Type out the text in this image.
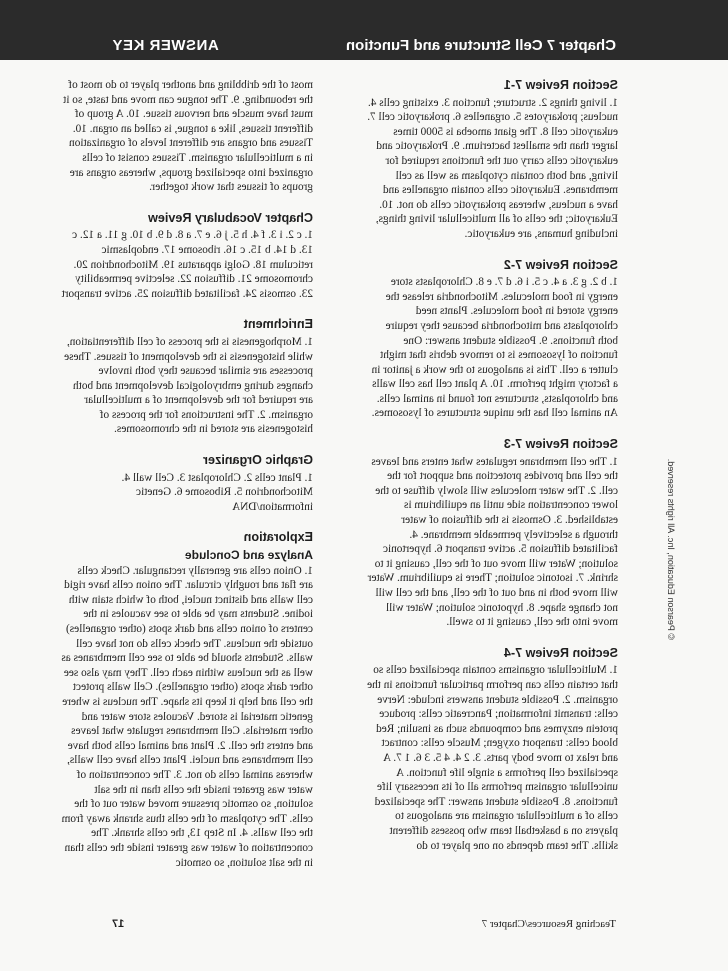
Chapter 7 Cell Structure and Function
ANSWER KEY
© Pearson Education, Inc. All rights reserved.
Section Review 7-1

1. living things 2. structure; function 3. existing cells 4. nucleus; prokaryotes 5. organelles 6. prokaryotic cell 7. eukaryotic cell 8. The giant amoeba is 5000 times larger than the smallest bacterium. 9. Prokaryotic and eukaryotic cells carry out the functions required for living, and both contain cytoplasm as well as cell membranes. Eukaryotic cells contain organelles and have a nucleus, whereas prokaryotic cells do not. 10. Eukaryotic; the cells of all multicellular living things, including humans, are eukaryotic.

Section Review 7-2

1. b 2. g 3. a 4. c 5. i 6. d 7. e 8. Chloroplasts store energy in food molecules. Mitochondria release the energy stored in food molecules. Plants need chloroplasts and mitochondria because they require both functions. 9. Possible student answer: One function of lysosomes is to remove debris that might clutter a cell. This is analogous to the work a janitor in a factory might perform. 10. A plant cell has cell walls and chloroplasts, structures not found in animal cells. An animal cell has the unique structures of lysosomes.

Section Review 7-3

1. The cell membrane regulates what enters and leaves the cell and provides protection and support for the cell. 2. The water molecules will slowly diffuse to the lower concentration side until an equilibrium is established. 3. Osmosis is the diffusion of water through a selectively permeable membrane. 4. facilitated diffusion 5. active transport 6. hypertonic solution; Water will move out of the cell, causing it to shrink. 7. isotonic solution; There is equilibrium. Water will move both in and out of the cell, and the cell will not change shape. 8. hypotonic solution; Water will move into the cell, causing it to swell.

Section Review 7-4

1. Multicellular organisms contain specialized cells so that certain cells can perform particular functions in the organism. 2. Possible student answers include: Nerve cells: transmit information; Pancreatic cells: produce protein enzymes and compounds such as insulin; Red blood cells: transport oxygen; Muscle cells: contract and relax to move body parts. 3. 2 4. 4 5. 3 6. 1 7. A specialized cell performs a single life function. A unicellular organism performs all of its necessary life functions. 8. Possible student answer: The specialized cells of a multicellular organism are analogous to players on a basketball team who possess different skills. The team depends on one player to do

most of the dribbling and another player to do most of the rebounding. 9. The tongue can move and taste, so it must have muscle and nervous tissue. 10. A group of different tissues, like a tongue, is called an organ. 10. Tissues and organs are different levels of organization in a multicellular organism. Tissues consist of cells organized into specialized groups, whereas organs are groups of tissues that work together.

Chapter Vocabulary Review

1. c 2. i 3. f 4. h 5. j 6. e 7. a 8. d 9. b 10. g 11. a 12. c 13. d 14. b 15. c 16. ribosome 17. endoplasmic reticulum 18. Golgi apparatus 19. Mitochondrion 20. chromosome 21. diffusion 22. selective permeability 23. osmosis 24. facilitated diffusion 25. active transport

Enrichment

1. Morphogenesis is the process of cell differentiation, while histogenesis is the development of tissues. These processes are similar because they both involve changes during embryological development and both are required for the development of a multicellular organism. 2. The instructions for the process of histogenesis are stored in the chromosomes.

Graphic Organizer

1. Plant cells 2. Chloroplast 3. Cell wall 4. Mitochondrion 5. Ribosome 6. Genetic information/DNA

Exploration
Analyze and Conclude

1. Onion cells are generally rectangular. Check cells are flat and roughly circular. The onion cells have rigid cell walls and distinct nuclei, both of which stain with iodine. Students may be able to see vacuoles in the centers of onion cells and dark spots (other organelles) outside the nucleus. The check cells do not have cell walls. Students should be able to see cell membranes as well as the nucleus within each cell. They may also see other dark spots (other organelles). Cell walls protect the cell and help it keep its shape. The nucleus is where genetic material is stored. Vacuoles store water and other materials. Cell membranes regulate what leaves and enters the cell. 2. Plant and animal cells both have cell membranes and nuclei. Plant cells have cell walls, whereas animal cells do not. 3. The concentration of water was greater inside the cells than in the salt solution, so osmotic pressure moved water out of the cells. The cytoplasm of the cells thus shrank away from the cell walls. 4. In Step 13, the cells shrank. The concentration of water was greater inside the cells than in the salt solution, so osmotic

Teaching Resources/Chapter 7
17
